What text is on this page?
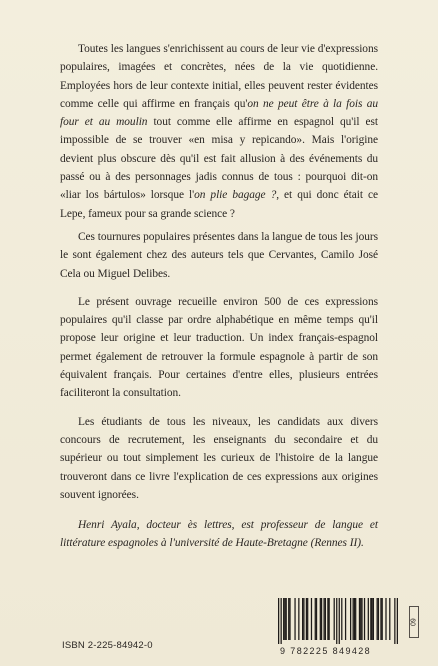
Toutes les langues s'enrichissent au cours de leur vie d'expressions populaires, imagées et concrètes, nées de la vie quotidienne. Employées hors de leur contexte initial, elles peuvent rester évidentes comme celle qui affirme en français qu'on ne peut être à la fois au four et au moulin tout comme elle affirme en espagnol qu'il est impossible de se trouver «en misa y repicando». Mais l'origine devient plus obscure dès qu'il est fait allusion à des événements du passé ou à des personnages jadis connus de tous : pourquoi dit-on «liar los bártulos» lorsque l'on plie bagage ?, et qui donc était ce Lepe, fameux pour sa grande science ?

Ces tournures populaires présentes dans la langue de tous les jours le sont également chez des auteurs tels que Cervantes, Camilo José Cela ou Miguel Delibes.

Le présent ouvrage recueille environ 500 de ces expressions populaires qu'il classe par ordre alphabétique en même temps qu'il propose leur origine et leur traduction. Un index français-espagnol permet également de retrouver la formule espagnole à partir de son équivalent français. Pour certaines d'entre elles, plusieurs entrées faciliteront la consultation.

Les étudiants de tous les niveaux, les candidats aux divers concours de recrutement, les enseignants du secondaire et du supérieur ou tout simplement les curieux de l'histoire de la langue trouveront dans ce livre l'explication de ces expressions aux origines souvent ignorées.

Henri Ayala, docteur ès lettres, est professeur de langue et littérature espagnoles à l'université de Haute-Bretagne (Rennes II).

ISBN 2-225-84942-0	9 782225 849428
09
